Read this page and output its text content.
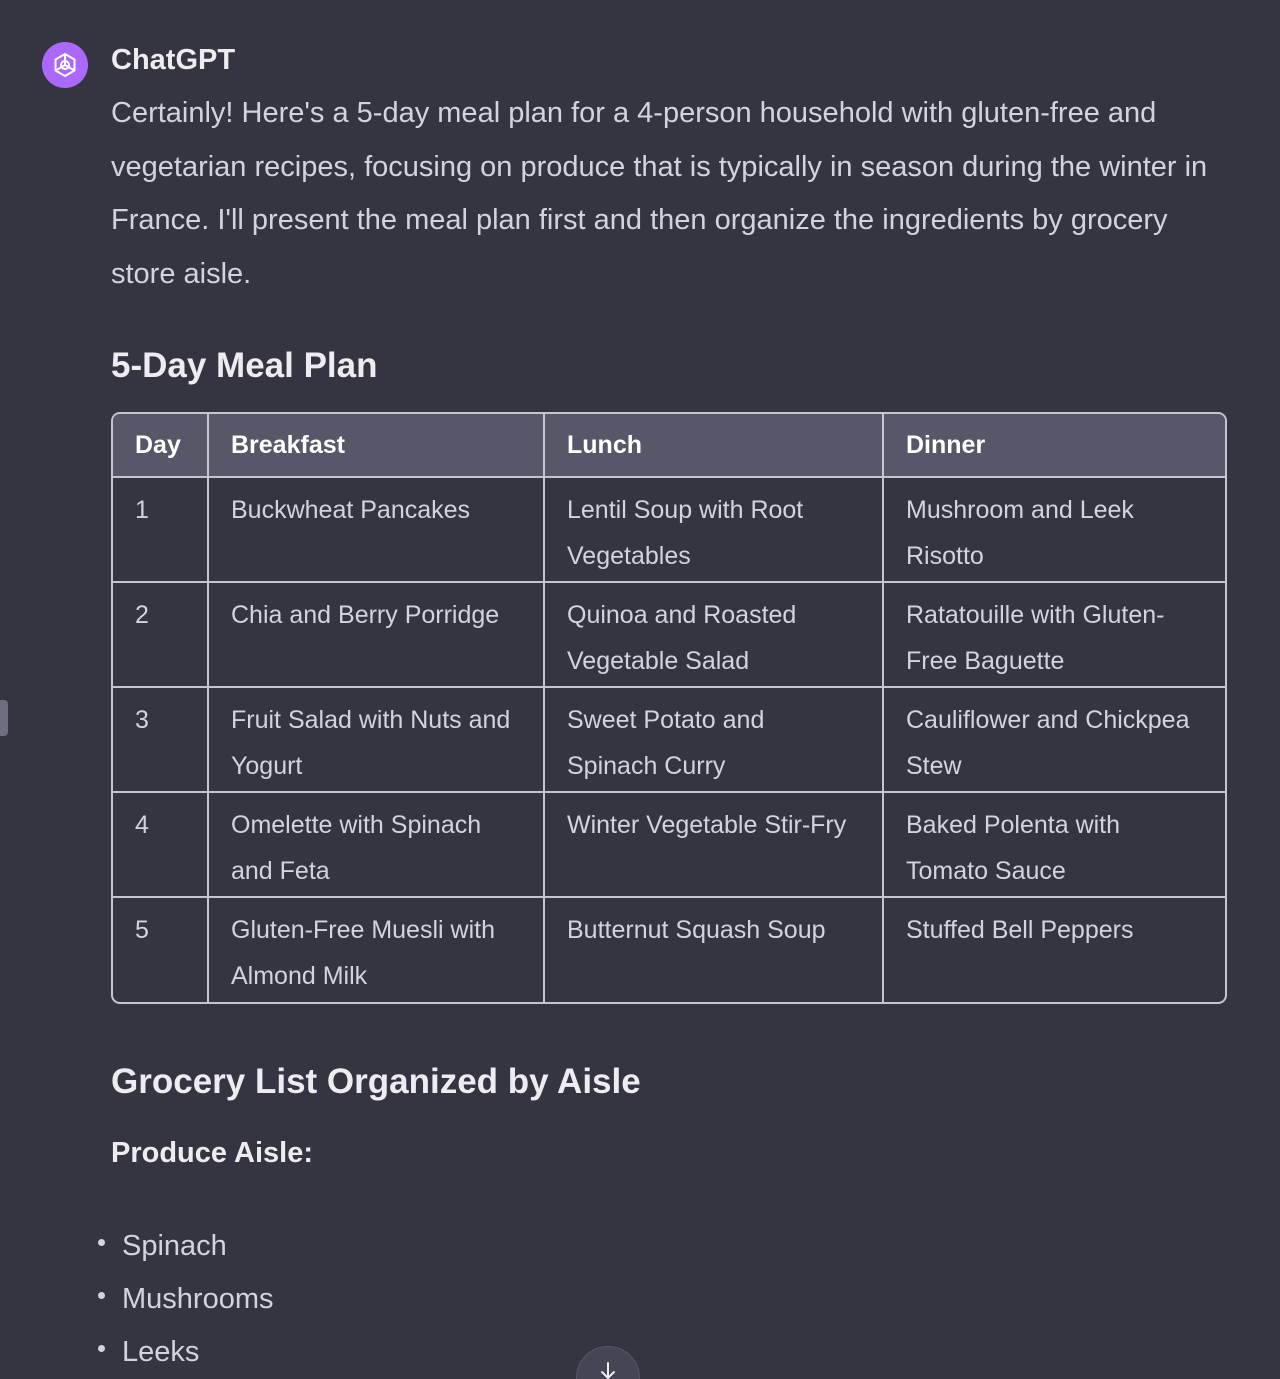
ChatGPT

Certainly! Here's a 5-day meal plan for a 4-person household with gluten-free and vegetarian recipes, focusing on produce that is typically in season during the winter in France. I'll present the meal plan first and then organize the ingredients by grocery store aisle.

5-Day Meal Plan
Day	Breakfast	Lunch	Dinner
1	Buckwheat Pancakes	Lentil Soup with Root Vegetables	Mushroom and Leek Risotto
2	Chia and Berry Porridge	Quinoa and Roasted Vegetable Salad	Ratatouille with Gluten-Free Baguette
3	Fruit Salad with Nuts and Yogurt	Sweet Potato and Spinach Curry	Cauliflower and Chickpea Stew
4	Omelette with Spinach and Feta	Winter Vegetable Stir-Fry	Baked Polenta with Tomato Sauce
5	Gluten-Free Muesli with Almond Milk	Butternut Squash Soup	Stuffed Bell Peppers
Grocery List Organized by Aisle

Produce Aisle:

Spinach
Mushrooms
Leeks
